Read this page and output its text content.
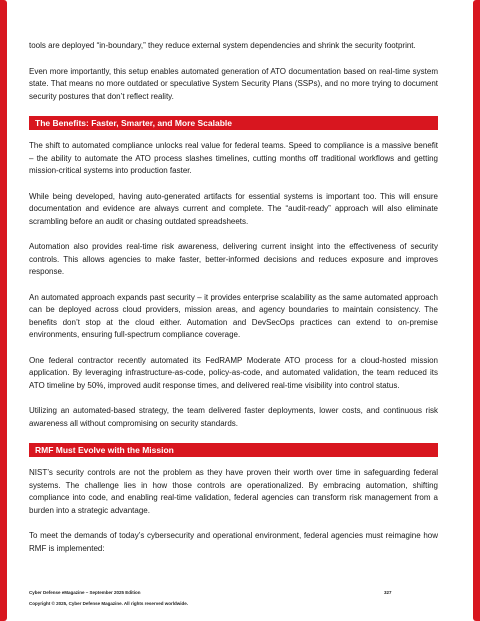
tools are deployed “in-boundary,” they reduce external system dependencies and shrink the security footprint.

Even more importantly, this setup enables automated generation of ATO documentation based on real-time system state. That means no more outdated or speculative System Security Plans (SSPs), and no more trying to document security postures that don’t reflect reality.

The Benefits: Faster, Smarter, and More Scalable

The shift to automated compliance unlocks real value for federal teams. Speed to compliance is a massive benefit – the ability to automate the ATO process slashes timelines, cutting months off traditional workflows and getting mission-critical systems into production faster.

While being developed, having auto-generated artifacts for essential systems is important too. This will ensure documentation and evidence are always current and complete. The “audit-ready” approach will also eliminate scrambling before an audit or chasing outdated spreadsheets.

Automation also provides real-time risk awareness, delivering current insight into the effectiveness of security controls. This allows agencies to make faster, better-informed decisions and reduces exposure and improves response.

An automated approach expands past security – it provides enterprise scalability as the same automated approach can be deployed across cloud providers, mission areas, and agency boundaries to maintain consistency. The benefits don’t stop at the cloud either. Automation and DevSecOps practices can extend to on-premise environments, ensuring full-spectrum compliance coverage.

One federal contractor recently automated its FedRAMP Moderate ATO process for a cloud-hosted mission application. By leveraging infrastructure-as-code, policy-as-code, and automated validation, the team reduced its ATO timeline by 50%, improved audit response times, and delivered real-time visibility into control status.

Utilizing an automated-based strategy, the team delivered faster deployments, lower costs, and continuous risk awareness all without compromising on security standards.

RMF Must Evolve with the Mission

NIST’s security controls are not the problem as they have proven their worth over time in safeguarding federal systems. The challenge lies in how those controls are operationalized. By embracing automation, shifting compliance into code, and enabling real-time validation, federal agencies can transform risk management from a burden into a strategic advantage.

To meet the demands of today’s cybersecurity and operational environment, federal agencies must reimagine how RMF is implemented:

Cyber Defense eMagazine – September 2025 Edition	327
Copyright © 2025, Cyber Defense Magazine. All rights reserved worldwide.
